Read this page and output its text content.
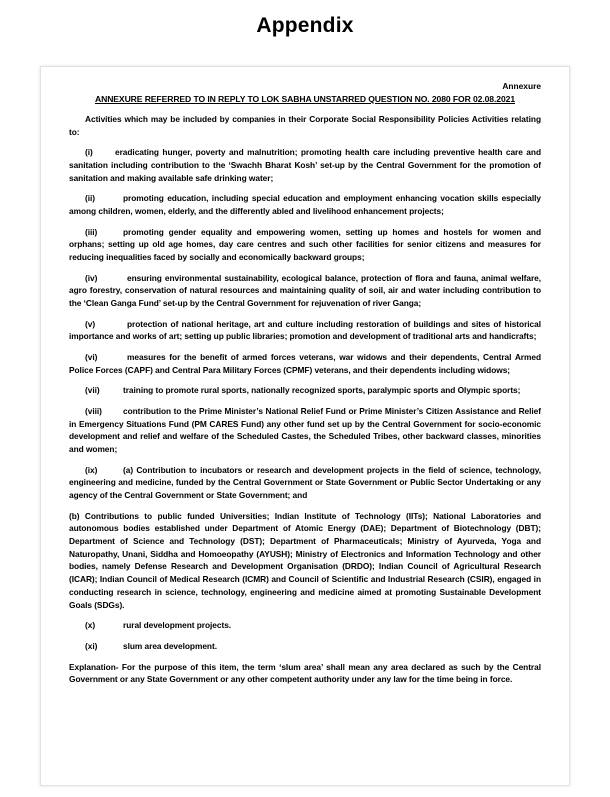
Appendix
Annexure
ANNEXURE REFERRED TO IN REPLY TO LOK SABHA UNSTARRED QUESTION NO. 2080 FOR 02.08.2021

Activities which may be included by companies in their Corporate Social Responsibility Policies Activities relating to:

(i)	eradicating hunger, poverty and malnutrition; promoting health care including preventive health care and sanitation including contribution to the ‘Swachh Bharat Kosh’ set-up by the Central Government for the promotion of sanitation and making available safe drinking water;

(ii)	promoting education, including special education and employment enhancing vocation skills especially among children, women, elderly, and the differently abled and livelihood enhancement projects;

(iii)	promoting gender equality and empowering women, setting up homes and hostels for women and orphans; setting up old age homes, day care centres and such other facilities for senior citizens and measures for reducing inequalities faced by socially and economically backward groups;

(iv)	ensuring environmental sustainability, ecological balance, protection of flora and fauna, animal welfare, agro forestry, conservation of natural resources and maintaining quality of soil, air and water including contribution to the ‘Clean Ganga Fund’ set-up by the Central Government for rejuvenation of river Ganga;

(v)	protection of national heritage, art and culture including restoration of buildings and sites of historical importance and works of art; setting up public libraries; promotion and development of traditional arts and handicrafts;

(vi)	measures for the benefit of armed forces veterans, war widows and their dependents, Central Armed Police Forces (CAPF) and Central Para Military Forces (CPMF) veterans, and their dependents including widows;

(vii)	training to promote rural sports, nationally recognized sports, paralympic sports and Olympic sports;

(viii)	contribution to the Prime Minister’s National Relief Fund or Prime Minister’s Citizen Assistance and Relief in Emergency Situations Fund (PM CARES Fund) any other fund set up by the Central Government for socio-economic development and relief and welfare of the Scheduled Castes, the Scheduled Tribes, other backward classes, minorities and women;

(ix)	(a) Contribution to incubators or research and development projects in the field of science, technology, engineering and medicine, funded by the Central Government or State Government or Public Sector Undertaking or any agency of the Central Government or State Government; and

(b) Contributions to public funded Universities; Indian Institute of Technology (IITs); National Laboratories and autonomous bodies established under Department of Atomic Energy (DAE); Department of Biotechnology (DBT); Department of Science and Technology (DST); Department of Pharmaceuticals; Ministry of Ayurveda, Yoga and Naturopathy, Unani, Siddha and Homoeopathy (AYUSH); Ministry of Electronics and Information Technology and other bodies, namely Defense Research and Development Organisation (DRDO); Indian Council of Agricultural Research (ICAR); Indian Council of Medical Research (ICMR) and Council of Scientific and Industrial Research (CSIR), engaged in conducting research in science, technology, engineering and medicine aimed at promoting Sustainable Development Goals (SDGs).

(x)	rural development projects.

(xi)	slum area development.

Explanation- For the purpose of this item, the term ‘slum area’ shall mean any area declared as such by the Central Government or any State Government or any other competent authority under any law for the time being in force.
